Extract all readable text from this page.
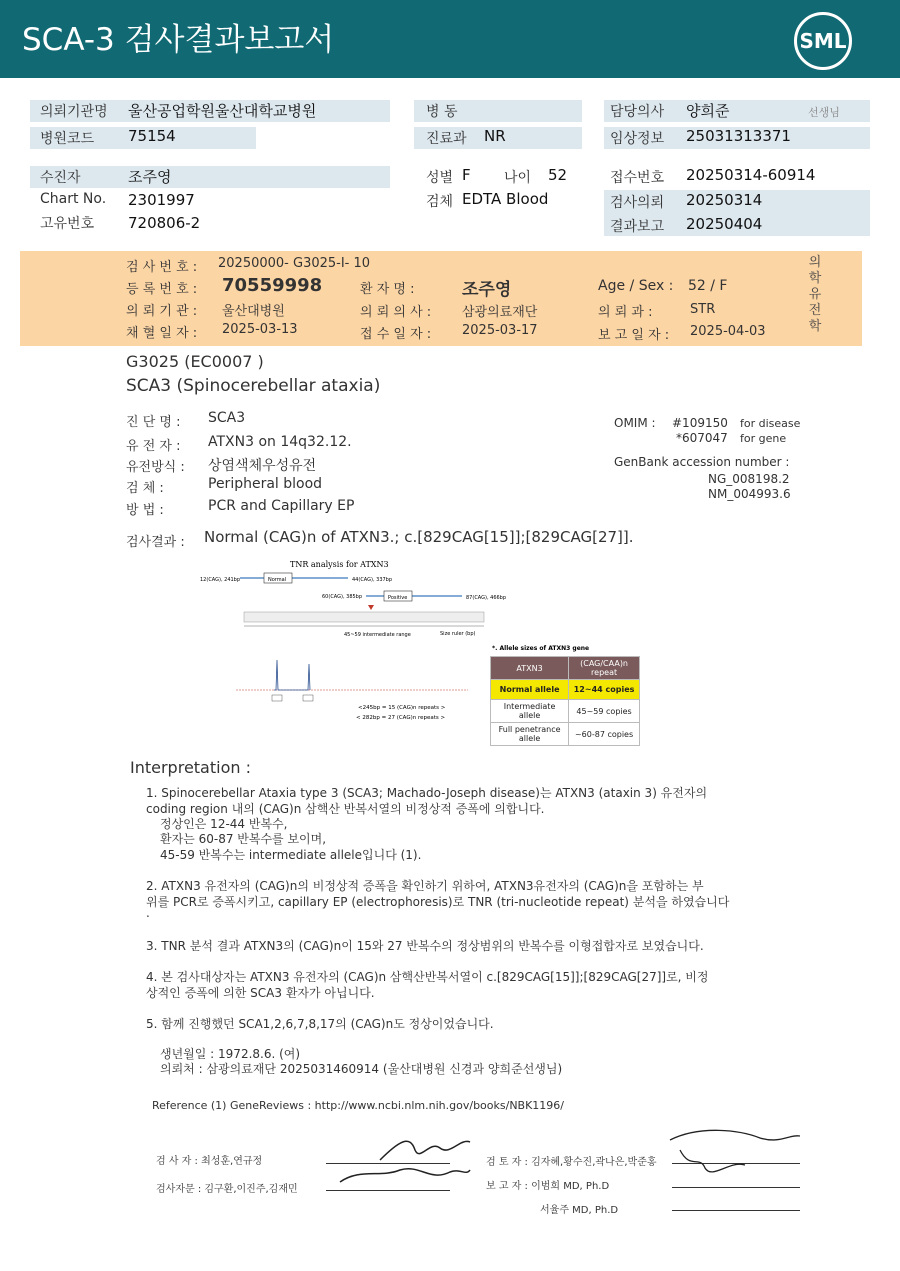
SCA-3 검사결과보고서	SML
의뢰기관명 울산공업학원울산대학교병원	병 동	담당의사 양희준	선생님
병원코드 75154	진료과 NR	임상정보 25031313371
수진자	조주영	성별 F 나이 52	접수번호 20250314-60914
Chart No. 2301997	검체 EDTA Blood	검사의뢰 20250314
고유번호 720806-2	결과보고 20250404
검 사 번 호 : 20250000- G3025-I- 10
등 록 번 호 : 70559998	환 자 명 :	조주영	Age / Sex : 52 / F
의 뢰 기 관 : 울산대병원	의 뢰 의 사 : 삼광의료재단	의 뢰 과 :	STR
채 혈 일 자 : 2025-03-13	접 수 일 자 : 2025-03-17	보 고 일 자 : 2025-04-03
의
학
유
전
학
G3025 (EC0007 )
SCA3 (Spinocerebellar ataxia)
진 단 명 : SCA3
유 전 자 : ATXN3 on 14q32.12.
유전방식 : 상염색체우성유전
검 체 :	Peripheral blood
방 법 :	PCR and Capillary EP
OMIM : #109150 for disease
*607047 for gene
GenBank accession number :
NG_008198.2
NM_004993.6
검사결과 : Normal (CAG)n of ATXN3.; c.[829CAG[15]];[829CAG[27]].
TNR analysis for ATXN3
12(CAG), 241bp	Normal	44(CAG), 337bp
60(CAG), 385bp	Positive	87(CAG), 466bp
45~59 intermediate range	Size ruler (bp)
<245bp = 15 (CAG)n repeats >
< 282bp = 27 (CAG)n repeats >
*. Allele sizes of ATXN3 gene
ATXN3	(CAG/CAA)n repeat
Normal allele	12~44 copies
Intermediate allele	45~59 copies
Full penetrance allele	~60-87 copies
Interpretation :
1. Spinocerebellar Ataxia type 3 (SCA3; Machado-Joseph disease)는 ATXN3 (ataxin 3) 유전자의
coding region 내의 (CAG)n 삼핵산 반복서열의 비정상적 증폭에 의합니다.
정상인은 12-44 반복수,
환자는 60-87 반복수를 보이며,
45-59 반복수는 intermediate allele입니다 (1).
2. ATXN3 유전자의 (CAG)n의 비정상적 증폭을 확인하기 위하여, ATXN3유전자의 (CAG)n을 포함하는 부
위를 PCR로 증폭시키고, capillary EP (electrophoresis)로 TNR (tri-nucleotide repeat) 분석을 하였습니다
.
3. TNR 분석 결과 ATXN3의 (CAG)n이 15와 27 반복수의 정상범위의 반복수를 이형접합자로 보였습니다.
4. 본 검사대상자는 ATXN3 유전자의 (CAG)n 삼핵산반복서열이 c.[829CAG[15]];[829CAG[27]]로, 비정
상적인 증폭에 의한 SCA3 환자가 아닙니다.
5. 함께 진행했던 SCA1,2,6,7,8,17의 (CAG)n도 정상이었습니다.
생년월일 : 1972.8.6. (여)
의뢰처 : 삼광의료재단 2025031460914 (울산대병원 신경과 양희준선생님)
Reference (1) GeneReviews : http://www.ncbi.nlm.nih.gov/books/NBK1196/
검 사 자 : 최성훈,연규정
검사자문 : 김구환,이진주,김재민
검 토 자 : 김자혜,황수진,곽나은,박준홍
보 고 자 : 이범희 MD, Ph.D
서율주 MD, Ph.D
